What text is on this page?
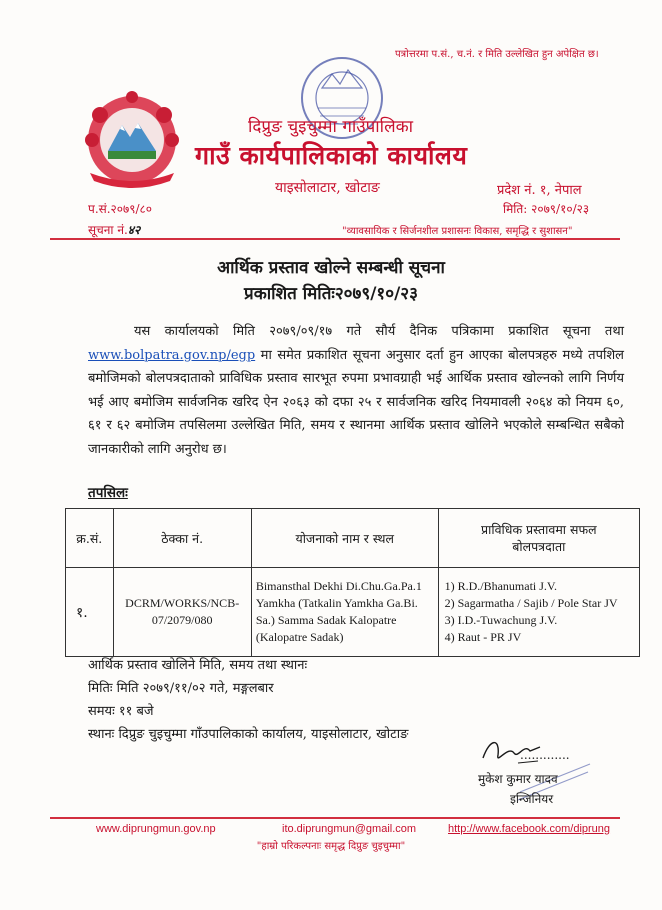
पत्रोत्तरमा प.सं., च.नं. र मिति उल्लेखित हुन अपेक्षित छ।
दिप्रुङ चुइचुम्मा गाउँपालिका
गाउँ कार्यपालिकाको कार्यालय
याइसोलाटार, खोटाङ	प्रदेश नं. १, नेपाल
प.सं.२०७९/८०	मिति: २०७९/१०/२३
सूचना नं.४२	"व्यावसायिक र सिर्जनशील प्रशासनः विकास, समृद्धि र सुशासन"
आर्थिक प्रस्ताव खोल्ने सम्बन्धी सूचना
प्रकाशित मितिः२०७९/१०/२३
यस कार्यालयको मिति २०७९/०९/१७ गते सौर्य दैनिक पत्रिकामा प्रकाशित सूचना तथा www.bolpatra.gov.np/egp मा समेत प्रकाशित सूचना अनुसार दर्ता हुन आएका बोलपत्रहरु मध्ये तपशिल बमोजिमको बोलपत्रदाताको प्राविधिक प्रस्ताव सारभूत रुपमा प्रभावग्राही भई आर्थिक प्रस्ताव खोल्नको लागि निर्णय भई आए बमोजिम सार्वजनिक खरिद ऐन २०६३ को दफा २५ र सार्वजनिक खरिद नियमावली २०६४ को नियम ६०, ६१ र ६२ बमोजिम तपसिलमा उल्लेखित मिति, समय र स्थानमा आर्थिक प्रस्ताव खोलिने भएकोले सम्बन्धित सबैको जानकारीको लागि अनुरोध छ।
तपसिलः
क्र.सं.	ठेक्का नं.	योजनाको नाम र स्थल	प्राविधिक प्रस्तावमा सफल
बोलपत्रदाता
१.	DCRM/WORKS/NCB-
07/2079/080	Bimansthal Dekhi Di.Chu.Ga.Pa.1 Yamkha (Tatkalin Yamkha Ga.Bi. Sa.) Samma Sadak Kalopatre (Kalopatre Sadak)	1) R.D./Bhanumati J.V.
2) Sagarmatha / Sajib / Pole Star JV
3) I.D.-Tuwachung J.V.
4) Raut - PR JV
आर्थिक प्रस्ताव खोलिने मिति, समय तथा स्थानः
मितिः मिति २०७९/११/०२ गते, मङ्गलबार
समयः ११ बजे
स्थानः दिप्रुङ चुइचुम्मा गाँउपालिकाको कार्यालय, याइसोलाटार, खोटाङ
.............
मुकेश कुमार यादव
इन्जिनियर
www.diprungmun.gov.np	ito.diprungmun@gmail.com	http://www.facebook.com/diprung
"हाम्रो परिकल्पनाः समृद्ध दिप्रुङ चुइचुम्मा"
